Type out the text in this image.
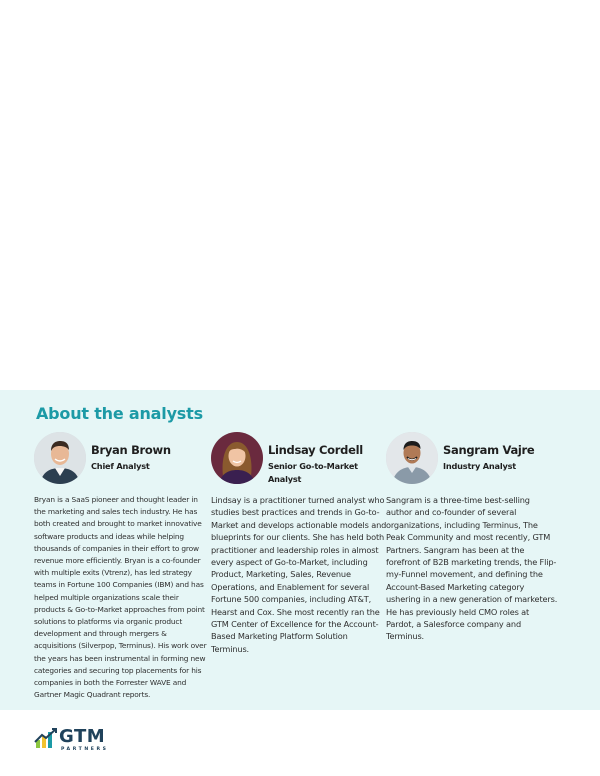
About the analysts
Bryan Brown
Chief Analyst

Bryan is a SaaS pioneer and thought leader in the marketing and sales tech industry. He has both created and brought to market innovative software products and ideas while helping thousands of companies in their effort to grow revenue more efficiently. Bryan is a co-founder with multiple exits (Vtrenz), has led strategy teams in Fortune 100 Companies (IBM) and has helped multiple organizations scale their products & Go-to-Market approaches from point solutions to platforms via organic product development and through mergers & acquisitions (Silverpop, Terminus). His work over the years has been instrumental in forming new categories and securing top placements for his companies in both the Forrester WAVE and Gartner Magic Quadrant reports.

Lindsay Cordell
Senior Go-to-Market Analyst

Lindsay is a practitioner turned analyst who studies best practices and trends in Go-to-Market and develops actionable models and blueprints for our clients. She has held both practitioner and leadership roles in almost every aspect of Go-to-Market, including Product, Marketing, Sales, Revenue Operations, and Enablement for several Fortune 500 companies, including AT&T, Hearst and Cox. She most recently ran the GTM Center of Excellence for the Account-Based Marketing Platform Solution Terminus.

Sangram Vajre
Industry Analyst

Sangram is a three-time best-selling author and co-founder of several organizations, including Terminus, The Peak Community and most recently, GTM Partners. Sangram has been at the forefront of B2B marketing trends, the Flip-my-Funnel movement, and defining the Account-Based Marketing category ushering in a new generation of marketers. He has previously held CMO roles at Pardot, a Salesforce company and Terminus.

GTM
PARTNERS
